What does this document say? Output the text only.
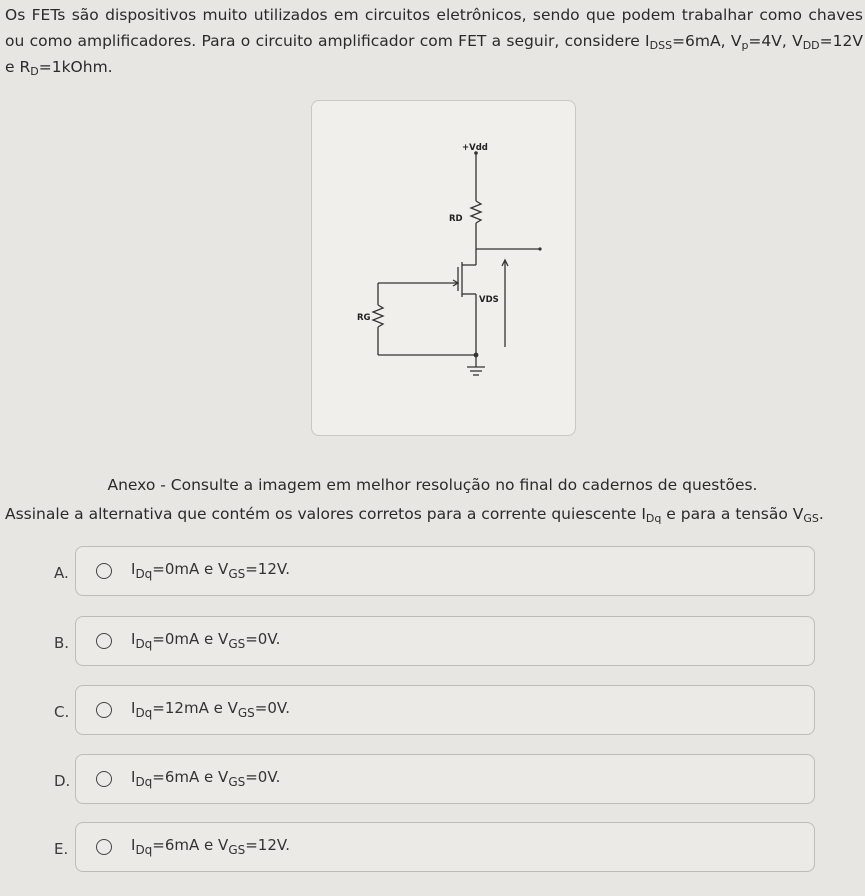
Os FETs são dispositivos muito utilizados em circuitos eletrônicos, sendo que podem trabalhar como chaves ou como amplificadores. Para o circuito amplificador com FET a seguir, considere $I_{DSS}=6mA$, $V_p=4V$, $V_{DD}=12V$ e $R_D=1kOhm$.

+Vdd
RD
RG
VDS
Anexo - Consulte a imagem em melhor resolução no final do cadernos de questões.
Assinale a alternativa que contém os valores corretos para a corrente quiescente $I_{Dq}$ e para a tensão $V_{GS}$.
A.	$I_{Dq}=0mA$ e $V_{GS}=12V$.
B.	$I_{Dq}=0mA$ e $V_{GS}=0V$.
C.	$I_{Dq}=12mA$ e $V_{GS}=0V$.
D.	$I_{Dq}=6mA$ e $V_{GS}=0V$.
E.	$I_{Dq}=6mA$ e $V_{GS}=12V$.
